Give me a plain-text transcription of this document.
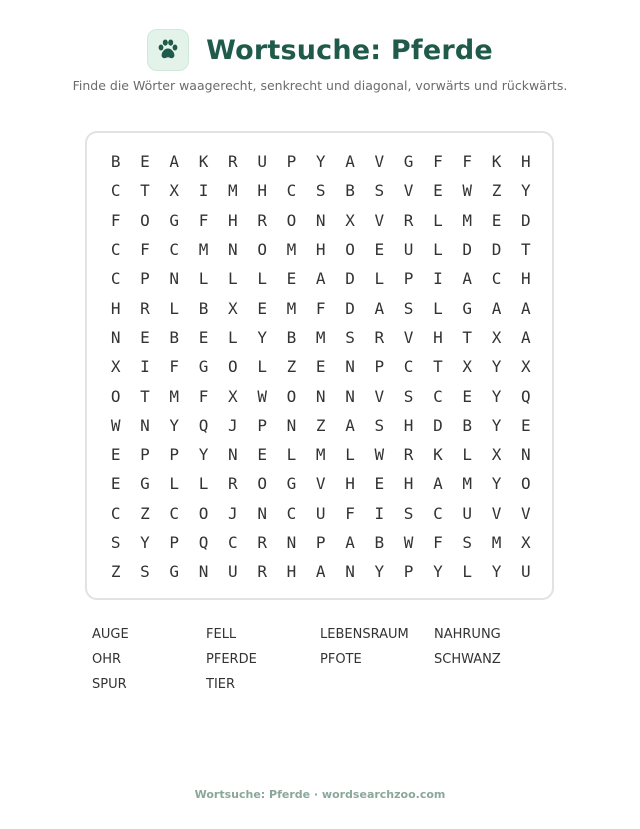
Wortsuche: Pferde
Finde die Wörter waagerecht, senkrecht und diagonal, vorwärts und rückwärts.
B	E	A	K	R	U	P	Y	A	V	G	F	F	K	H
C	T	X	I	M	H	C	S	B	S	V	E	W	Z	Y
F	O	G	F	H	R	O	N	X	V	R	L	M	E	D
C	F	C	M	N	O	M	H	O	E	U	L	D	D	T
C	P	N	L	L	L	E	A	D	L	P	I	A	C	H
H	R	L	B	X	E	M	F	D	A	S	L	G	A	A
N	E	B	E	L	Y	B	M	S	R	V	H	T	X	A
X	I	F	G	O	L	Z	E	N	P	C	T	X	Y	X
O	T	M	F	X	W	O	N	N	V	S	C	E	Y	Q
W	N	Y	Q	J	P	N	Z	A	S	H	D	B	Y	E
E	P	P	Y	N	E	L	M	L	W	R	K	L	X	N
E	G	L	L	R	O	G	V	H	E	H	A	M	Y	O
C	Z	C	O	J	N	C	U	F	I	S	C	U	V	V
S	Y	P	Q	C	R	N	P	A	B	W	F	S	M	X
Z	S	G	N	U	R	H	A	N	Y	P	Y	L	Y	U
AUGE	FELL	LEBENSRAUM	NAHRUNG
OHR	PFERDE	PFOTE	SCHWANZ
SPUR	TIER
Wortsuche: Pferde · wordsearchzoo.com
